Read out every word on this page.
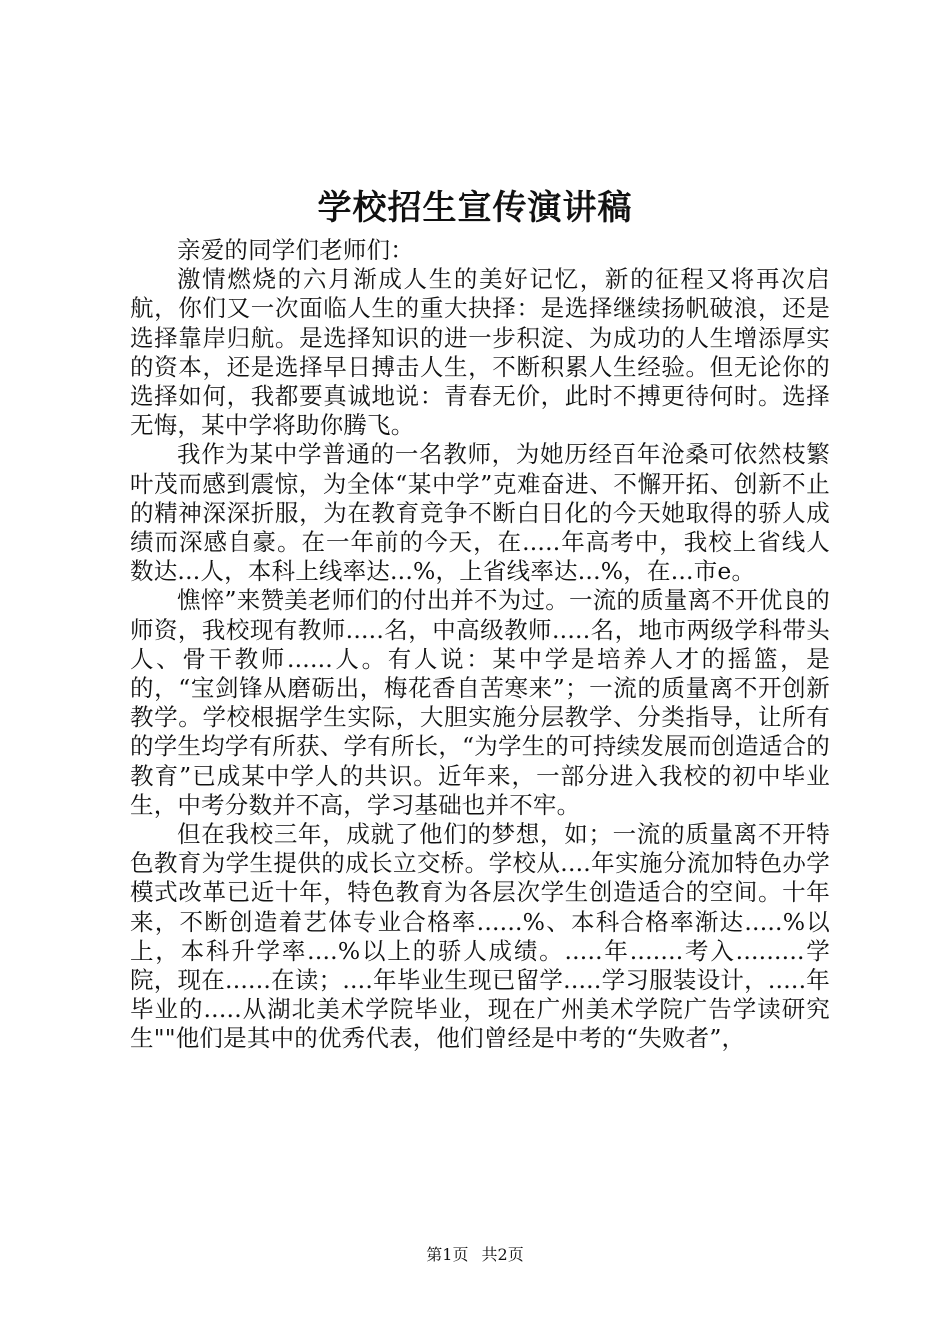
学校招生宣传演讲稿

亲爱的同学们老师们：

激情燃烧的六月渐成人生的美好记忆，新的征程又将再次启航，你们又一次面临人生的重大抉择：是选择继续扬帆破浪，还是选择靠岸归航。是选择知识的进一步积淀、为成功的人生增添厚实的资本，还是选择早日搏击人生，不断积累人生经验。但无论你的选择如何，我都要真诚地说：青春无价，此时不搏更待何时。选择无悔，某中学将助你腾飞。

我作为某中学普通的一名教师，为她历经百年沧桑可依然枝繁叶茂而感到震惊，为全体“某中学”克难奋进、不懈开拓、创新不止的精神深深折服，为在教育竞争不断白日化的今天她取得的骄人成绩而深感自豪。在一年前的今天，在.....年高考中，我校上省线人数达...人，本科上线率达...%，上省线率达...%，在...市e。

憔悴”来赞美老师们的付出并不为过。一流的质量离不开优良的师资，我校现有教师.....名，中高级教师.....名，地市两级学科带头人、骨干教师......人。有人说：某中学是培养人才的摇篮，是的，“宝剑锋从磨砺出，梅花香自苦寒来”；一流的质量离不开创新教学。学校根据学生实际，大胆实施分层教学、分类指导，让所有的学生均学有所获、学有所长，“为学生的可持续发展而创造适合的教育”已成某中学人的共识。近年来，一部分进入我校的初中毕业生，中考分数并不高，学习基础也并不牢。

但在我校三年，成就了他们的梦想，如；一流的质量离不开特色教育为学生提供的成长立交桥。学校从....年实施分流加特色办学模式改革已近十年，特色教育为各层次学生创造适合的空间。十年来，不断创造着艺体专业合格率......%、本科合格率渐达.....%以上，本科升学率....%以上的骄人成绩。.....年.......考入.........学院，现在......在读；....年毕业生现已留学.....学习服装设计，.....年毕业的.....从湖北美术学院毕业，现在广州美术学院广告学读研究生""他们是其中的优秀代表，他们曾经是中考的“失败者”，

第1页 共2页
